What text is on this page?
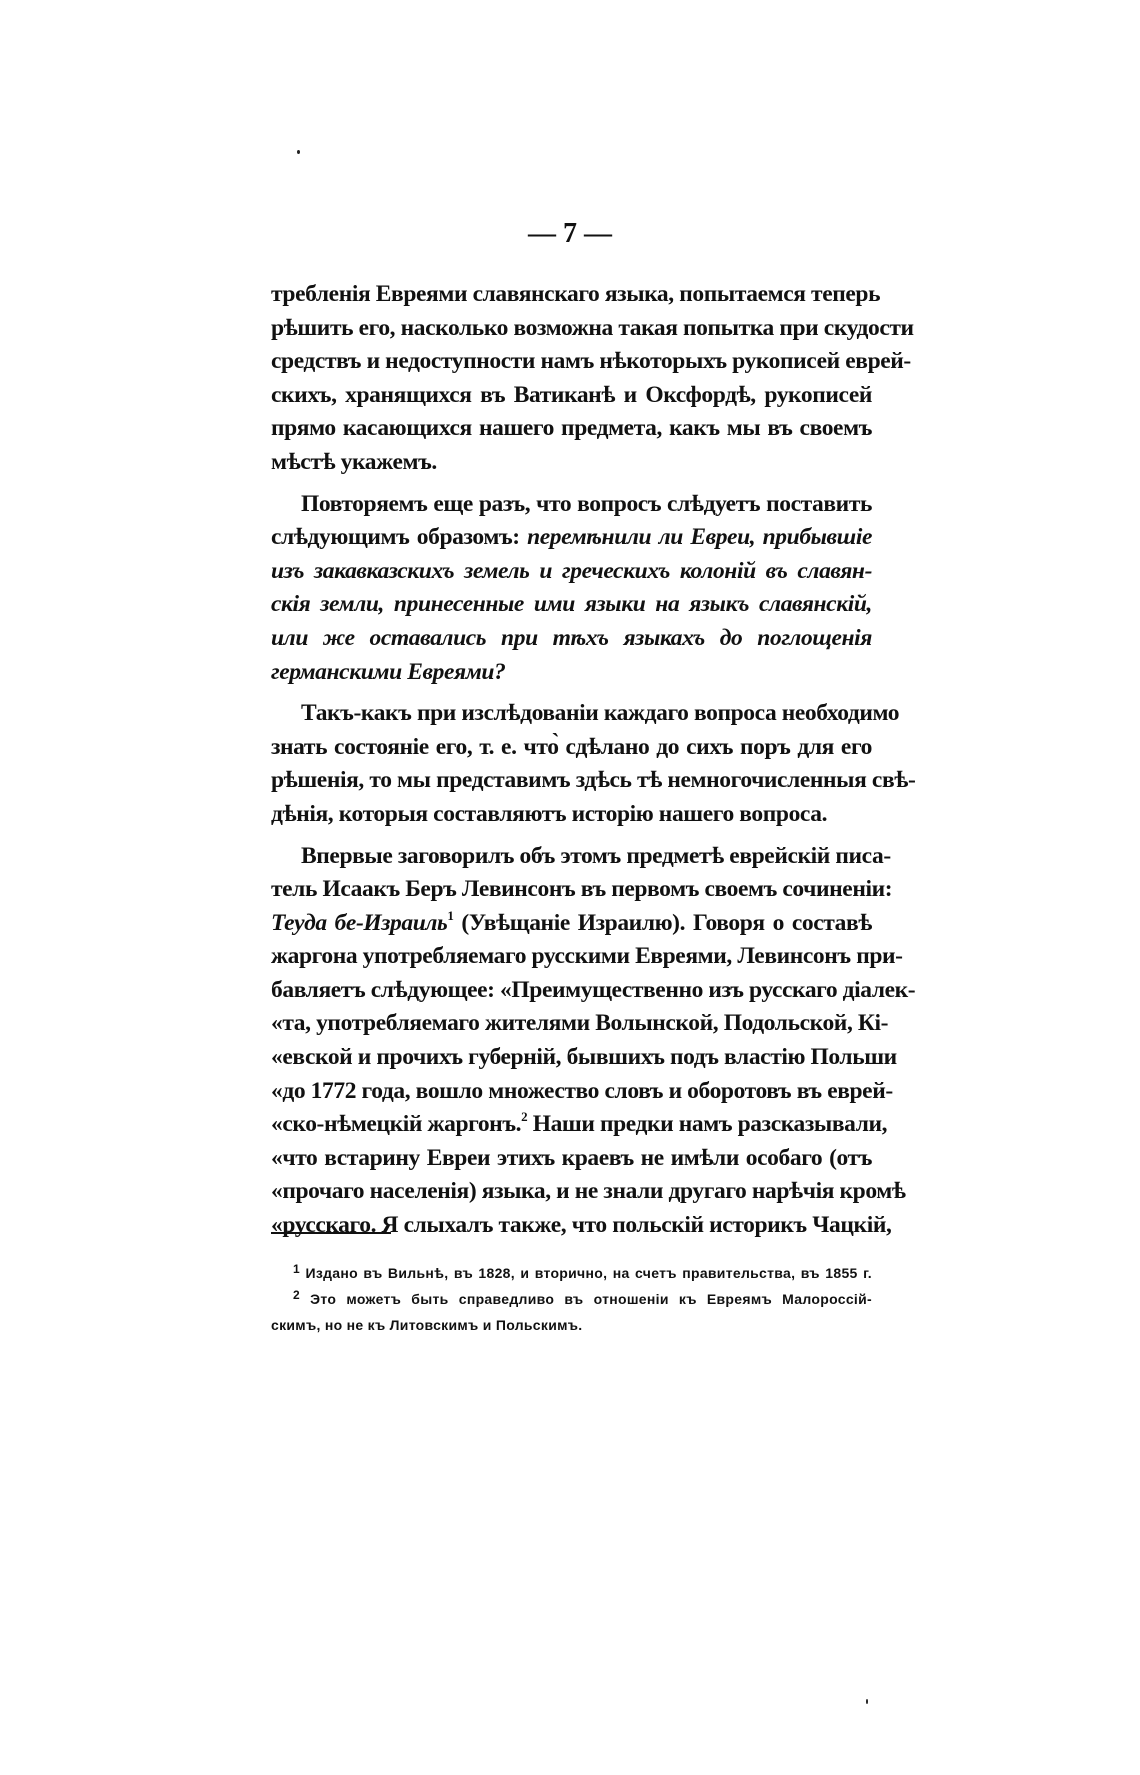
— 7 —
требленія Евреями славянскаго языка, попытаемся теперь
рѣшить его, насколько возможна такая попытка при скудости
средствъ и недоступности намъ нѣкоторыхъ рукописей еврей-
скихъ, хранящихся въ Ватиканѣ и Оксфордѣ, рукописей
прямо касающихся нашего предмета, какъ мы въ своемъ
мѣстѣ укажемъ.
Повторяемъ еще разъ, что вопросъ слѣдуетъ поставить
слѣдующимъ образомъ: перемѣнили ли Евреи, прибывшіе
изъ закавказскихъ земель и греческихъ колоній въ славян-
скія земли, принесенные ими языки на языкъ славянскій,
или же оставались при тѣхъ языкахъ до поглощенія
германскими Евреями?
Такъ-какъ при изслѣдованіи каждаго вопроса необходимо
знать состояніе его, т. е. что̀ сдѣлано до сихъ поръ для его
рѣшенія, то мы представимъ здѣсь тѣ немногочисленныя свѣ-
дѣнія, которыя составляютъ исторію нашего вопроса.
Впервые заговорилъ объ этомъ предметѣ еврейскій писа-
тель Исаакъ Беръ Левинсонъ въ первомъ своемъ сочиненіи:
Теуда бе-Израиль$^1$ (Увѣщаніе Израилю). Говоря о составѣ
жаргона употребляемаго русскими Евреями, Левинсонъ при-
бавляетъ слѣдующее: «Преимущественно изъ русскаго діалек-
«та, употребляемаго жителями Волынской, Подольской, Кі-
«евской и прочихъ губерній, бывшихъ подъ властію Польши
«до 1772 года, вошло множество словъ и оборотовъ въ еврей-
«ско-нѣмецкій жаргонъ.$^2$ Наши предки намъ разсказывали,
«что встарину Евреи этихъ краевъ не имѣли особаго (отъ
«прочаго населенія) языка, и не знали другаго нарѣчія кромѣ
«русскаго. Я слыхалъ также, что польскій историкъ Чацкій,
1 Издано въ Вильнѣ, въ 1828, и вторично, на счетъ правительства, въ 1855 г.
2 Это можетъ быть справедливо въ отношеніи къ Евреямъ Малороссій-
скимъ, но не къ Литовскимъ и Польскимъ.
